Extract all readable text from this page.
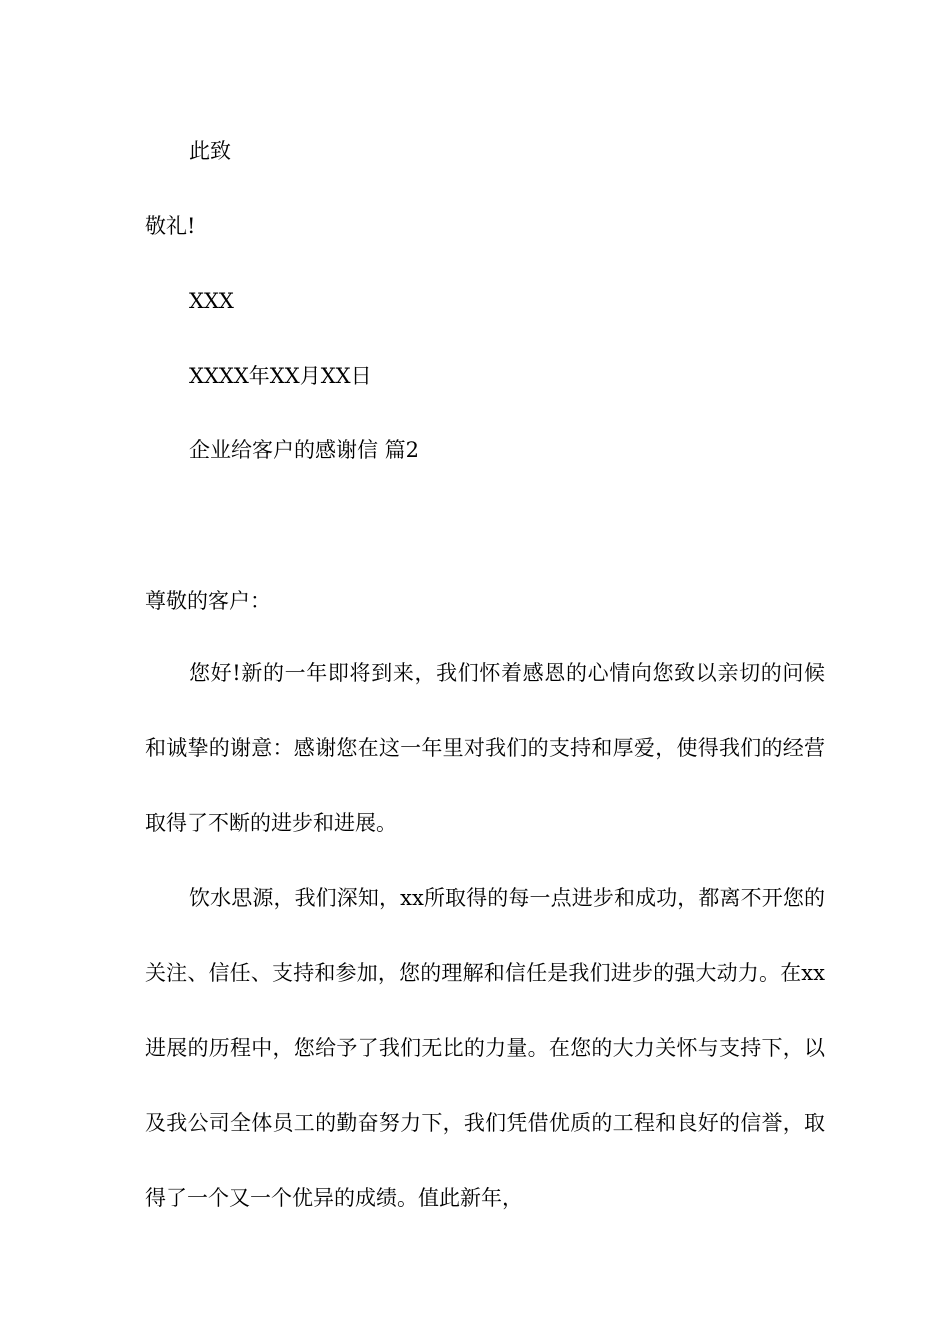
此致
敬礼!
XXX
XXXX年XX月XX日
企业给客户的感谢信 篇2
尊敬的客户：

您好!新的一年即将到来，我们怀着感恩的心情向您致以亲切的问候和诚挚的谢意：感谢您在这一年里对我们的支持和厚爱，使得我们的经营取得了不断的进步和进展。

饮水思源，我们深知，xx所取得的每一点进步和成功，都离不开您的关注、信任、支持和参加，您的理解和信任是我们进步的强大动力。在xx进展的历程中，您给予了我们无比的力量。在您的大力关怀与支持下，以及我公司全体员工的勤奋努力下，我们凭借优质的工程和良好的信誉，取得了一个又一个优异的成绩。值此新年，
